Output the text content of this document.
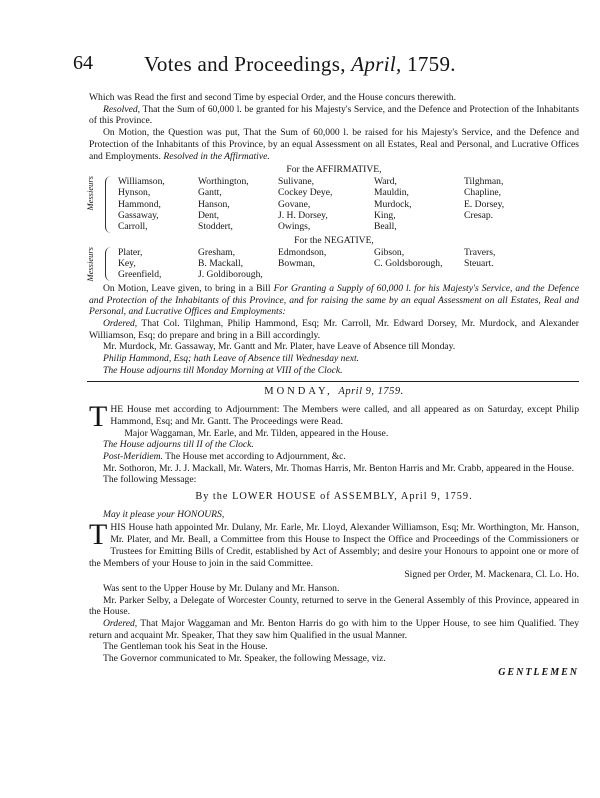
64	Votes and Proceedings, April, 1759.

Which was Read the first and second Time by especial Order, and the House concurs therewith.

Resolved, That the Sum of 60,000 l. be granted for his Majesty's Service, and the Defence and Protection of the Inhabitants of this Province.

On Motion, the Question was put, That the Sum of 60,000 l. be raised for his Majesty's Service, and the Defence and Protection of the Inhabitants of this Province, by an equal Assessment on all Estates, Real and Personal, and Lucrative Offices and Employments. Resolved in the Affirmative.

For the AFFIRMATIVE,

Messieurs Williamson,
Hynson,
Hammond,
Gassaway,
Carroll,
Worthington,
Gantt,
Hanson,
Dent,
Stoddert,
Sulivane,
Cockey Deye,
Govane,
J. H. Dorsey,
Owings,
Ward,
Mauldin,
Murdock,
King,
Beall,
Tilghman,
Chapline,
E. Dorsey,
Cresap.

For the NEGATIVE,

Messieurs Plater,
Key,
Greenfield,
Gresham,
B. Mackall,
J. Goldiborough,
Edmondson,
Bowman,
Gibson,
C. Goldsborough,
Travers,
Steuart.

On Motion, Leave given, to bring in a Bill For Granting a Supply of 60,000 l. for his Majesty's Service, and the Defence and Protection of the Inhabitants of this Province, and for raising the same by an equal Assessment on all Estates, Real and Personal, and Lucrative Offices and Employments:

Ordered, That Col. Tilghman, Philip Hammond, Esq; Mr. Carroll, Mr. Edward Dorsey, Mr. Murdock, and Alexander Williamson, Esq; do prepare and bring in a Bill accordingly.

Mr. Murdock, Mr. Gassaway, Mr. Gantt and Mr. Plater, have Leave of Absence till Monday.

Philip Hammond, Esq; hath Leave of Absence till Wednesday next.

The House adjourns till Monday Morning at VIII of the Clock.

MONDAY, April 9, 1759.

THE House met according to Adjournment: The Members were called, and all appeared as on Saturday, except Philip Hammond, Esq; and Mr. Gantt. The Proceedings were Read.

Major Waggaman, Mr. Earle, and Mr. Tilden, appeared in the House.

The House adjourns till II of the Clock.

Post-Meridiem. The House met according to Adjournment, &c.

Mr. Sothoron, Mr. J. J. Mackall, Mr. Waters, Mr. Thomas Harris, Mr. Benton Harris and Mr. Crabb, appeared in the House.

The following Message:

By the LOWER HOUSE of ASSEMBLY, April 9, 1759.

May it please your HONOURS,

THIS House hath appointed Mr. Dulany, Mr. Earle, Mr. Lloyd, Alexander Williamson, Esq; Mr. Worthington, Mr. Hanson, Mr. Plater, and Mr. Beall, a Committee from this House to Inspect the Office and Proceedings of the Commissioners or Trustees for Emitting Bills of Credit, established by Act of Assembly; and desire your Honours to appoint one or more of the Members of your House to join in the said Committee.

Signed per Order, M. Mackenara, Cl. Lo. Ho.

Was sent to the Upper House by Mr. Dulany and Mr. Hanson.

Mr. Parker Selby, a Delegate of Worcester County, returned to serve in the General Assembly of this Province, appeared in the House.

Ordered, That Major Waggaman and Mr. Benton Harris do go with him to the Upper House, to see him Qualified. They return and acquaint Mr. Speaker, That they saw him Qualified in the usual Manner.

The Gentleman took his Seat in the House.

The Governor communicated to Mr. Speaker, the following Message, viz.

GENTLEMEN
